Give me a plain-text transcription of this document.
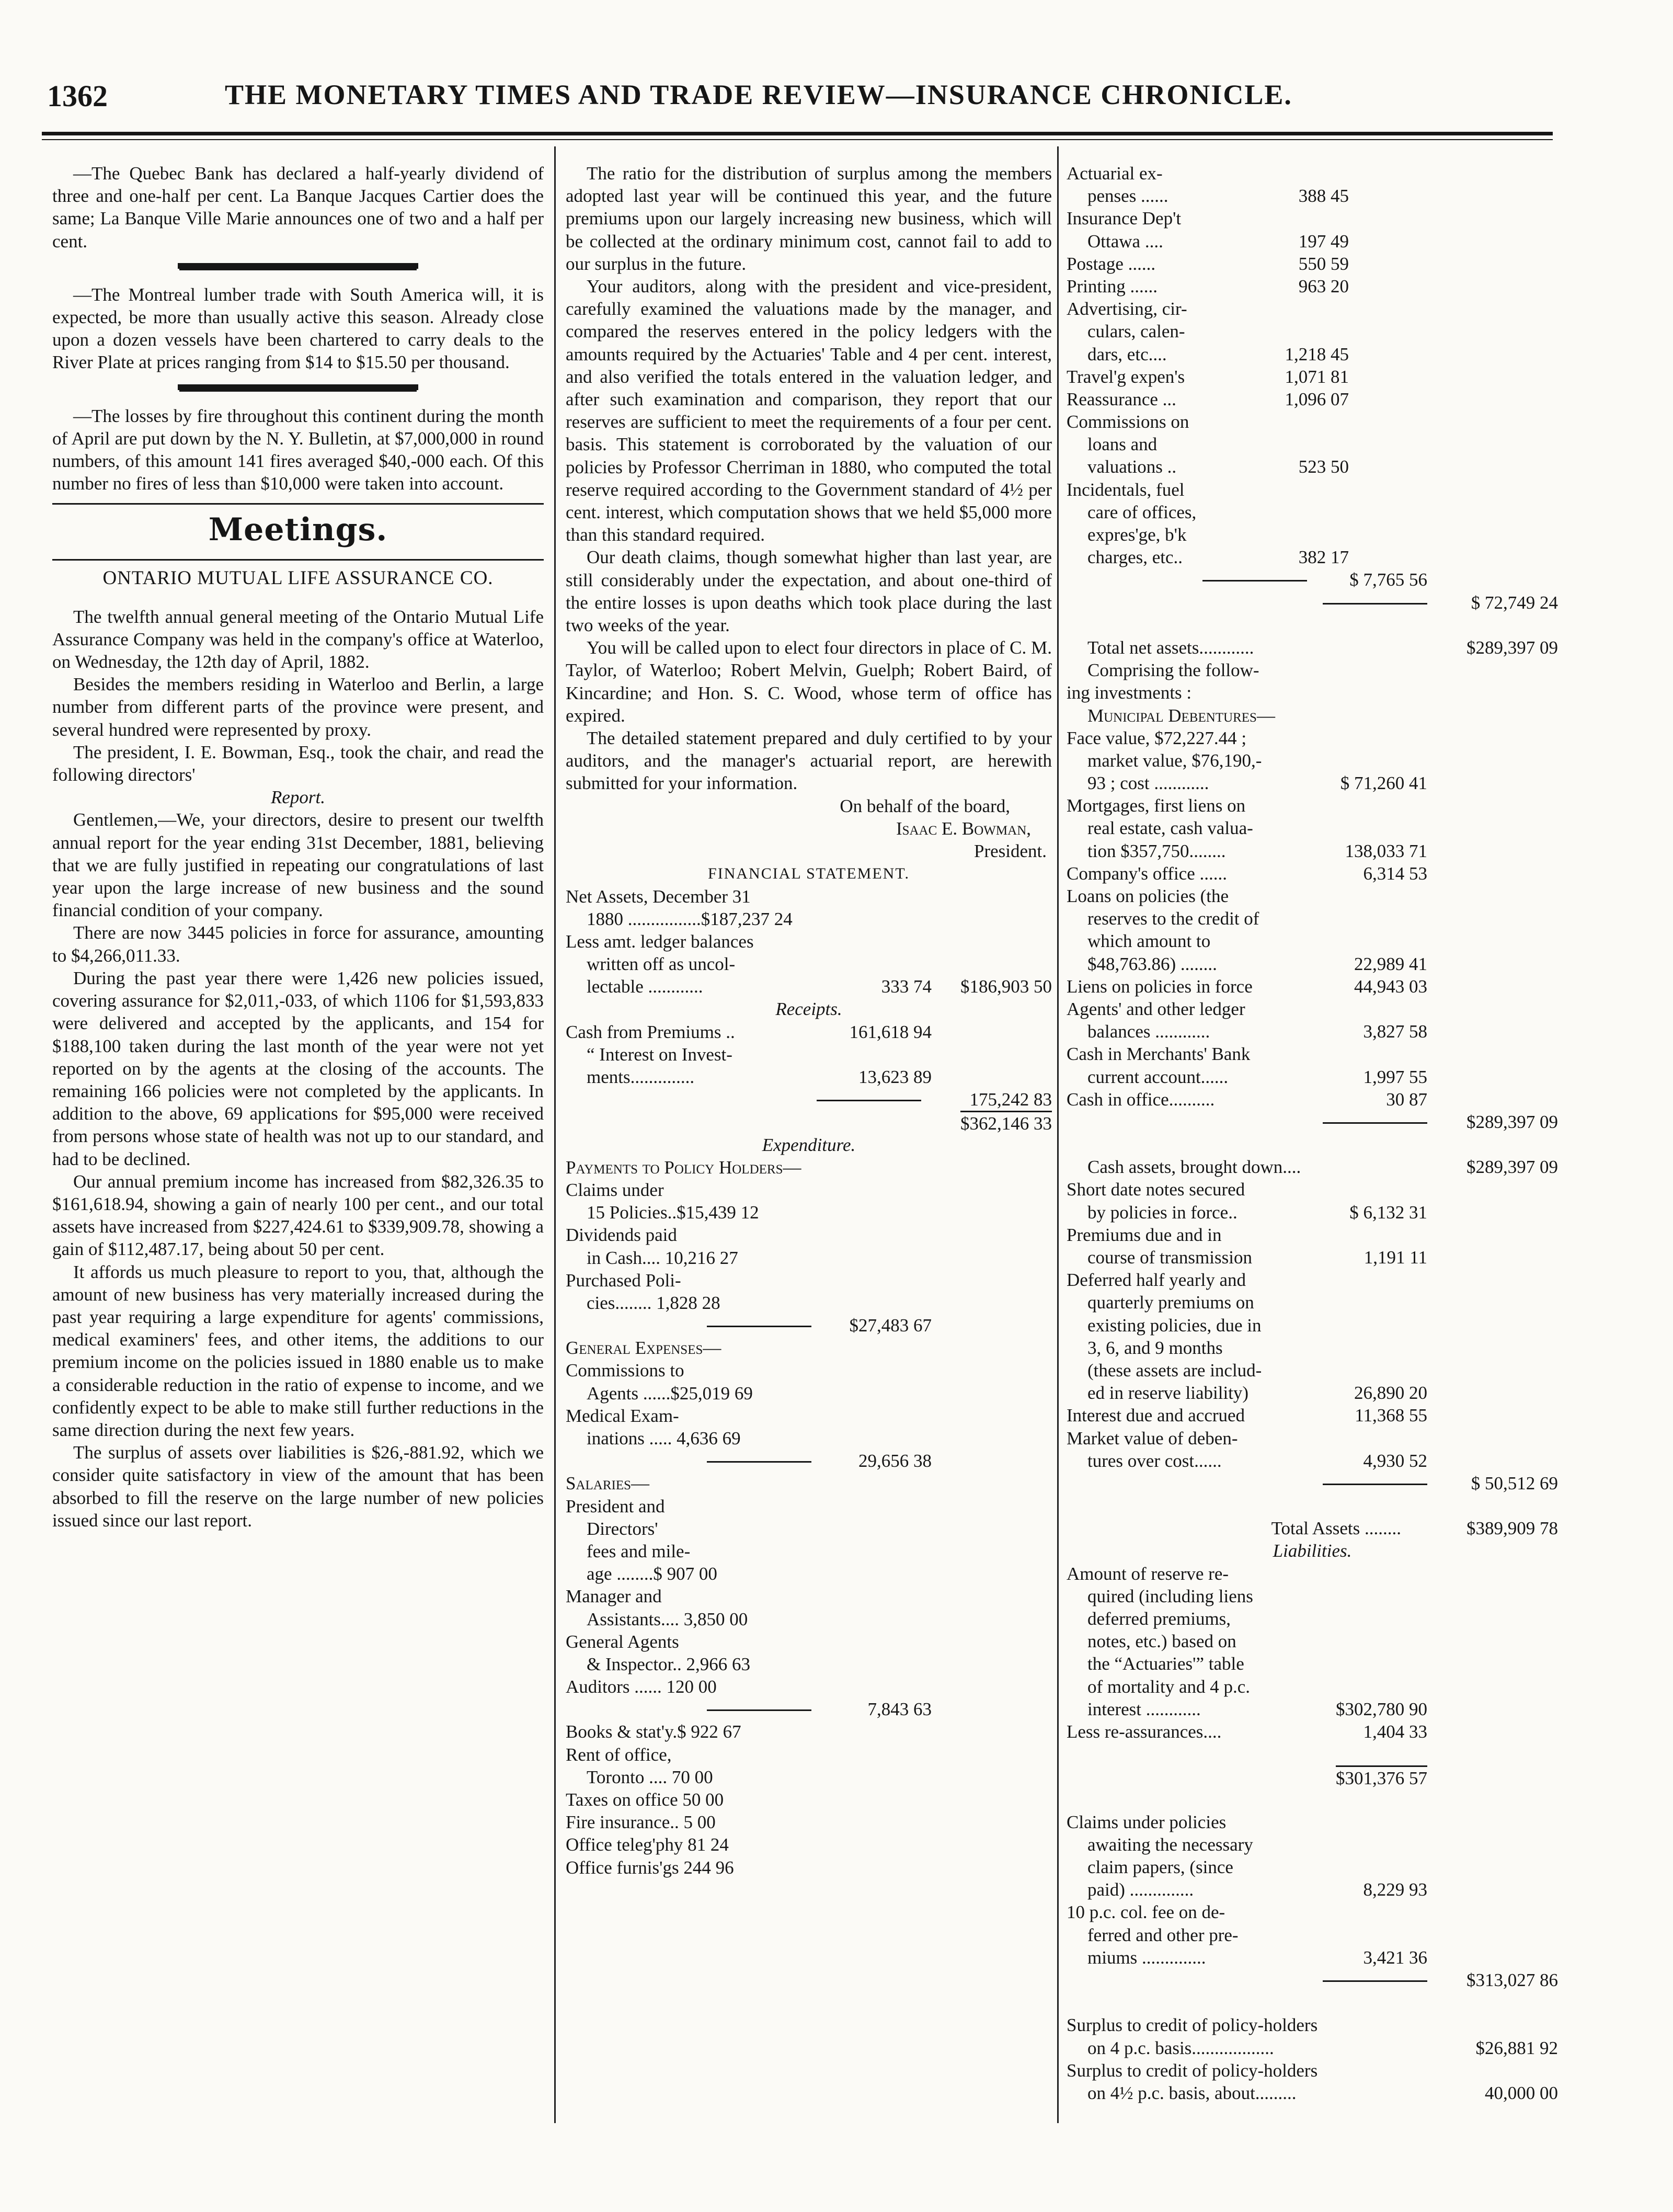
1362	THE MONETARY TIMES AND TRADE REVIEW—INSURANCE CHRONICLE.

—The Quebec Bank has declared a half-yearly dividend of three and one-half per cent. La Banque Jacques Cartier does the same; La Banque Ville Marie announces one of two and a half per cent.

—The Montreal lumber trade with South America will, it is expected, be more than usually active this season. Already close upon a dozen vessels have been chartered to carry deals to the River Plate at prices ranging from $14 to $15.50 per thousand.

—The losses by fire throughout this continent during the month of April are put down by the N. Y. Bulletin, at $7,000,000 in round numbers, of this amount 141 fires averaged $40,-000 each. Of this number no fires of less than $10,000 were taken into account.

Meetings.
ONTARIO MUTUAL LIFE ASSURANCE CO.

The twelfth annual general meeting of the Ontario Mutual Life Assurance Company was held in the company's office at Waterloo, on Wednesday, the 12th day of April, 1882.

Besides the members residing in Waterloo and Berlin, a large number from different parts of the province were present, and several hundred were represented by proxy.

The president, I. E. Bowman, Esq., took the chair, and read the following directors'

Report.

Gentlemen,—We, your directors, desire to present our twelfth annual report for the year ending 31st December, 1881, believing that we are fully justified in repeating our congratulations of last year upon the large increase of new business and the sound financial condition of your company.

There are now 3445 policies in force for assurance, amounting to $4,266,011.33.

During the past year there were 1,426 new policies issued, covering assurance for $2,011,-033, of which 1106 for $1,593,833 were delivered and accepted by the applicants, and 154 for $188,100 taken during the last month of the year were not yet reported on by the agents at the closing of the accounts. The remaining 166 policies were not completed by the applicants. In addition to the above, 69 applications for $95,000 were received from persons whose state of health was not up to our standard, and had to be declined.

Our annual premium income has increased from $82,326.35 to $161,618.94, showing a gain of nearly 100 per cent., and our total assets have increased from $227,424.61 to $339,909.78, showing a gain of $112,487.17, being about 50 per cent.

It affords us much pleasure to report to you, that, although the amount of new business has very materially increased during the past year requiring a large expenditure for agents' commissions, medical examiners' fees, and other items, the additions to our premium income on the policies issued in 1880 enable us to make a considerable reduction in the ratio of expense to income, and we confidently expect to be able to make still further reductions in the same direction during the next few years.

The surplus of assets over liabilities is $26,-881.92, which we consider quite satisfactory in view of the amount that has been absorbed to fill the reserve on the large number of new policies issued since our last report.

The ratio for the distribution of surplus among the members adopted last year will be continued this year, and the future premiums upon our largely increasing new business, which will be collected at the ordinary minimum cost, cannot fail to add to our surplus in the future.

Your auditors, along with the president and vice-president, carefully examined the valuations made by the manager, and compared the reserves entered in the policy ledgers with the amounts required by the Actuaries' Table and 4 per cent. interest, and also verified the totals entered in the valuation ledger, and after such examination and comparison, they report that our reserves are sufficient to meet the requirements of a four per cent. basis. This statement is corroborated by the valuation of our policies by Professor Cherriman in 1880, who computed the total reserve required according to the Government standard of 4½ per cent. interest, which computation shows that we held $5,000 more than this standard required.

Our death claims, though somewhat higher than last year, are still considerably under the expectation, and about one-third of the entire losses is upon deaths which took place during the last two weeks of the year.

You will be called upon to elect four directors in place of C. M. Taylor, of Waterloo; Robert Melvin, Guelph; Robert Baird, of Kincardine; and Hon. S. C. Wood, whose term of office has expired.

The detailed statement prepared and duly certified to by your auditors, and the manager's actuarial report, are herewith submitted for your information.

On behalf of the board,
Isaac E. Bowman,
President.
FINANCIAL STATEMENT.
Net Assets, December 31
1880 ................$187,237 24
Less amt. ledger balances
written off as uncol-
lectable ............	333 74 $186,903 50
Receipts.
Cash from Premiums ..	161,618 94
“ Interest on Invest-
ments..............	13,623 89
175,242 83
$362,146 33
Expenditure.
Payments to Policy Holders—
Claims under
15 Policies..$15,439 12
Dividends paid
in Cash.... 10,216 27
Purchased Poli-
cies........ 1,828 28
$27,483 67
General Expenses—
Commissions to
Agents ......$25,019 69
Medical Exam-
inations ..... 4,636 69
29,656 38
Salaries—
President and
Directors'
fees and mile-
age ........$ 907 00
Manager and
Assistants.... 3,850 00
General Agents
& Inspector.. 2,966 63
Auditors ...... 120 00
7,843 63
Books & stat'y.$ 922 67
Rent of office,
Toronto .... 70 00
Taxes on office 50 00
Fire insurance.. 5 00
Office teleg'phy 81 24
Office furnis'gs 244 96
Actuarial ex-
penses ......	388 45
Insurance Dep't
Ottawa ....	197 49
Postage ......	550 59
Printing ......	963 20
Advertising, cir-
culars, calen-
dars, etc....	1,218 45
Travel'g expen's	1,071 81
Reassurance ...	1,096 07
Commissions on
loans and
valuations ..	523 50
Incidentals, fuel
care of offices,
expres'ge, b'k
charges, etc..	382 17
$ 7,765 56
$ 72,749 24
Total net assets............	$289,397 09
Comprising the follow-
ing investments :
Municipal Debentures—
Face value, $72,227.44 ;
market value, $76,190,-
93 ; cost ............	$ 71,260 41
Mortgages, first liens on
real estate, cash valua-
tion $357,750........	138,033 71
Company's office ......	6,314 53
Loans on policies (the
reserves to the credit of
which amount to
$48,763.86) ........	22,989 41
Liens on policies in force	44,943 03
Agents' and other ledger
balances ............	3,827 58
Cash in Merchants' Bank
current account......	1,997 55
Cash in office..........	30 87
$289,397 09
Cash assets, brought down....	$289,397 09
Short date notes secured
by policies in force..	$ 6,132 31
Premiums due and in
course of transmission	1,191 11
Deferred half yearly and
quarterly premiums on
existing policies, due in
3, 6, and 9 months
(these assets are includ-
ed in reserve liability)	26,890 20
Interest due and accrued	11,368 55
Market value of deben-
tures over cost......	4,930 52
$ 50,512 69
Total Assets ........	$389,909 78
Liabilities.
Amount of reserve re-
quired (including liens
deferred premiums,
notes, etc.) based on
the “Actuaries'” table
of mortality and 4 p.c.
interest ............	$302,780 90
Less re-assurances....	1,404 33
$301,376 57
Claims under policies
awaiting the necessary
claim papers, (since
paid) ..............	8,229 93
10 p.c. col. fee on de-
ferred and other pre-
miums ..............	3,421 36
$313,027 86
Surplus to credit of policy-holders
on 4 p.c. basis..................	$26,881 92
Surplus to credit of policy-holders
on 4½ p.c. basis, about.........	40,000 00
